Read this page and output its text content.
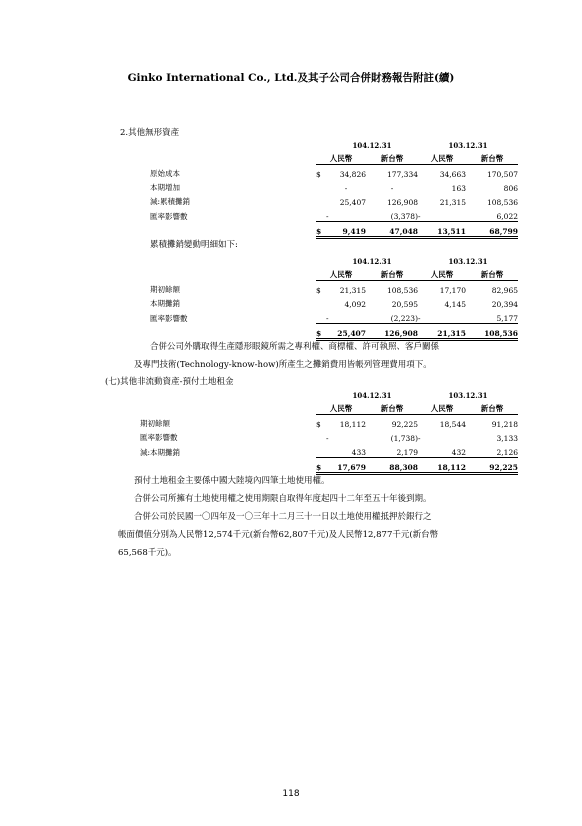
Ginko International Co., Ltd.及其子公司合併財務報告附註(續)
2.其他無形資產
		104.12.31		103.12.31	
	人民幣		新台幣	人民幣	新台幣
原始成本	$	34,826	177,334	34,663	170,507
本期增加		-	-	163	806
減:累積攤銷		25,407	126,908	21,315	108,536
匯率影響數		-	(3,378)	-	6,022
	$	9,419	47,048	13,511	68,799
累積攤銷變動明細如下:
		104.12.31		103.12.31	
	人民幣		新台幣	人民幣	新台幣
期初餘額	$	21,315	108,536	17,170	82,965
本期攤銷		4,092	20,595	4,145	20,394
匯率影響數		-	(2,223)	-	5,177
	$	25,407	126,908	21,315	108,536
合併公司外購取得生產隱形眼鏡所需之專利權、商標權、許可執照、客戶關係
及專門技術(Technology-know-how)所產生之攤銷費用皆帳列管理費用項下。
(七)其他非流動資產-預付土地租金
		104.12.31		103.12.31	
	人民幣		新台幣	人民幣	新台幣
期初餘額	$	18,112	92,225	18,544	91,218
匯率影響數		-	(1,738)	-	3,133
減:本期攤銷		433	2,179	432	2,126
	$	17,679	88,308	18,112	92,225
預付土地租金主要係中國大陸境內四筆土地使用權。
合併公司所擁有土地使用權之使用期限自取得年度起四十二年至五十年後到期。
合併公司於民國一〇四年及一〇三年十二月三十一日以土地使用權抵押於銀行之
帳面價值分別為人民幣12,574千元(新台幣62,807千元)及人民幣12,877千元(新台幣
65,568千元)。
118
